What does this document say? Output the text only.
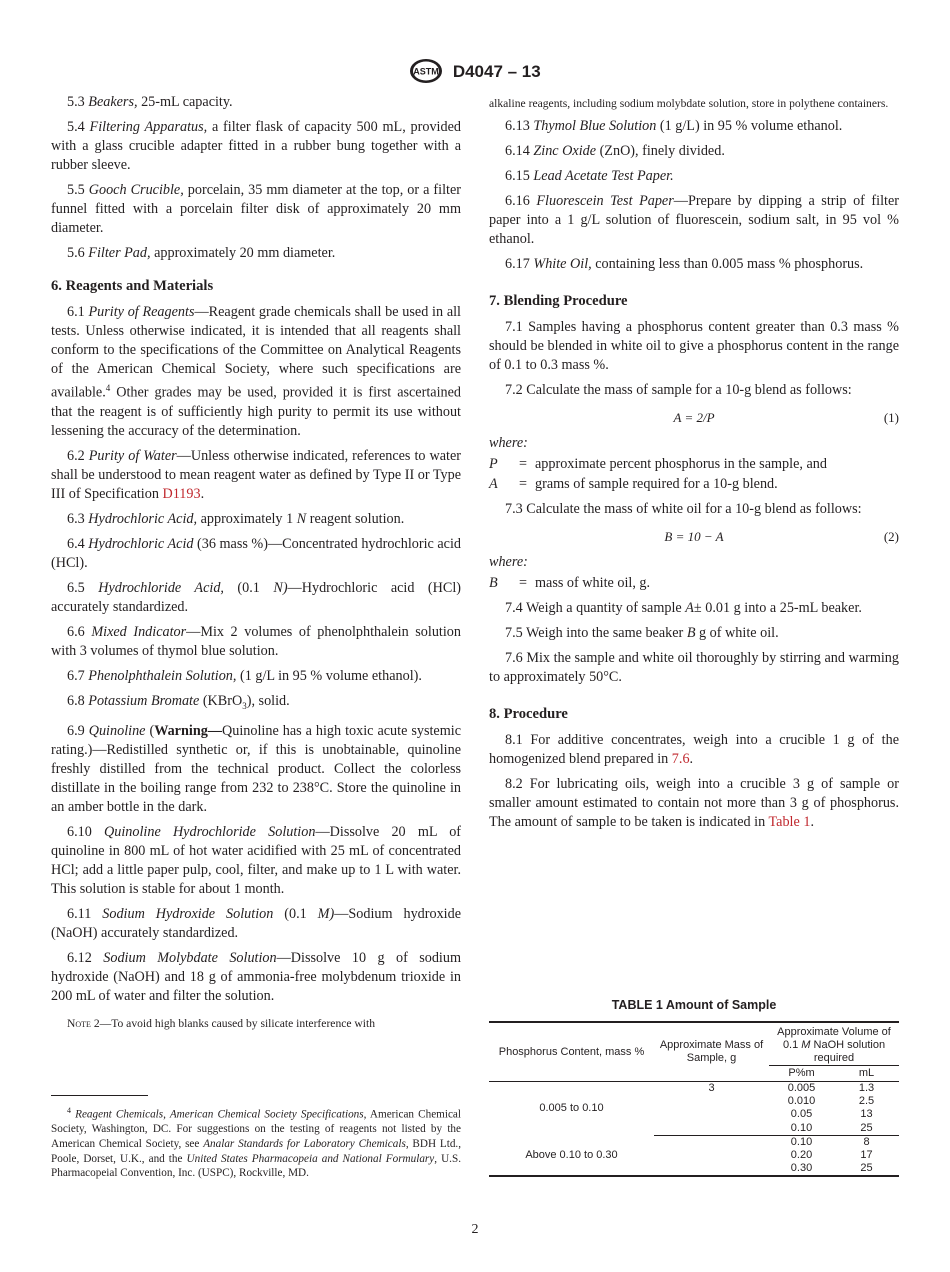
ASTM D4047 – 13

5.3 Beakers, 25-mL capacity.

5.4 Filtering Apparatus, a filter flask of capacity 500 mL, provided with a glass crucible adapter fitted in a rubber bung together with a rubber sleeve.

5.5 Gooch Crucible, porcelain, 35 mm diameter at the top, or a filter funnel fitted with a porcelain filter disk of approximately 20 mm diameter.

5.6 Filter Pad, approximately 20 mm diameter.

6. Reagents and Materials

6.1 Purity of Reagents—Reagent grade chemicals shall be used in all tests. Unless otherwise indicated, it is intended that all reagents shall conform to the specifications of the Committee on Analytical Reagents of the American Chemical Society, where such specifications are available.$^4$ Other grades may be used, provided it is first ascertained that the reagent is of sufficiently high purity to permit its use without lessening the accuracy of the determination.

6.2 Purity of Water—Unless otherwise indicated, references to water shall be understood to mean reagent water as defined by Type II or Type III of Specification D1193.

6.3 Hydrochloric Acid, approximately 1 N reagent solution.

6.4 Hydrochloric Acid (36 mass %)—Concentrated hydrochloric acid (HCl).

6.5 Hydrochloride Acid, (0.1 N)—Hydrochloric acid (HCl) accurately standardized.

6.6 Mixed Indicator—Mix 2 volumes of phenolphthalein solution with 3 volumes of thymol blue solution.

6.7 Phenolphthalein Solution, (1 g/L in 95 % volume ethanol).

6.8 Potassium Bromate (KBrO$_3$), solid.

6.9 Quinoline (Warning—Quinoline has a high toxic acute systemic rating.)—Redistilled synthetic or, if this is unobtainable, quinoline freshly distilled from the technical product. Collect the colorless distillate in the boiling range from 232 to 238°C. Store the quinoline in an amber bottle in the dark.

6.10 Quinoline Hydrochloride Solution—Dissolve 20 mL of quinoline in 800 mL of hot water acidified with 25 mL of concentrated HCl; add a little paper pulp, cool, filter, and make up to 1 L with water. This solution is stable for about 1 month.

6.11 Sodium Hydroxide Solution (0.1 M)—Sodium hydroxide (NaOH) accurately standardized.

6.12 Sodium Molybdate Solution—Dissolve 10 g of sodium hydroxide (NaOH) and 18 g of ammonia-free molybdenum trioxide in 200 mL of water and filter the solution.

Note 2—To avoid high blanks caused by silicate interference with

$^4$ Reagent Chemicals, American Chemical Society Specifications, American Chemical Society, Washington, DC. For suggestions on the testing of reagents not listed by the American Chemical Society, see Analar Standards for Laboratory Chemicals, BDH Ltd., Poole, Dorset, U.K., and the United States Pharmacopeia and National Formulary, U.S. Pharmacopeial Convention, Inc. (USPC), Rockville, MD.

alkaline reagents, including sodium molybdate solution, store in polythene containers.

6.13 Thymol Blue Solution (1 g/L) in 95 % volume ethanol.

6.14 Zinc Oxide (ZnO), finely divided.

6.15 Lead Acetate Test Paper.

6.16 Fluorescein Test Paper—Prepare by dipping a strip of filter paper into a 1 g/L solution of fluorescein, sodium salt, in 95 vol % ethanol.

6.17 White Oil, containing less than 0.005 mass % phosphorus.

7. Blending Procedure

7.1 Samples having a phosphorus content greater than 0.3 mass % should be blended in white oil to give a phosphorus content in the range of 0.1 to 0.3 mass %.

7.2 Calculate the mass of sample for a 10-g blend as follows:

A = 2/P	(1)
where:
P	= approximate percent phosphorus in the sample, and
A	= grams of sample required for a 10-g blend.

7.3 Calculate the mass of white oil for a 10-g blend as follows:

B = 10 − A	(2)
where:
B	= mass of white oil, g.

7.4 Weigh a quantity of sample A± 0.01 g into a 25-mL beaker.

7.5 Weigh into the same beaker B g of white oil.

7.6 Mix the sample and white oil thoroughly by stirring and warming to approximately 50°C.

8. Procedure

8.1 For additive concentrates, weigh into a crucible 1 g of the homogenized blend prepared in 7.6.

8.2 For lubricating oils, weigh into a crucible 3 g of sample or smaller amount estimated to contain not more than 3 g of phosphorus. The amount of sample to be taken is indicated in Table 1.

TABLE 1 Amount of Sample
Phosphorus Content, mass %	Approximate Mass of Sample, g	Approximate Volume of 0.1 M NaOH solution required	
		P%m	mL
0.005 to 0.10	3	0.005	1.3
		0.010	2.5
		0.05	13
		0.10	25
Above 0.10 to 0.30		0.10	8
		0.20	17
		0.30	25
2
